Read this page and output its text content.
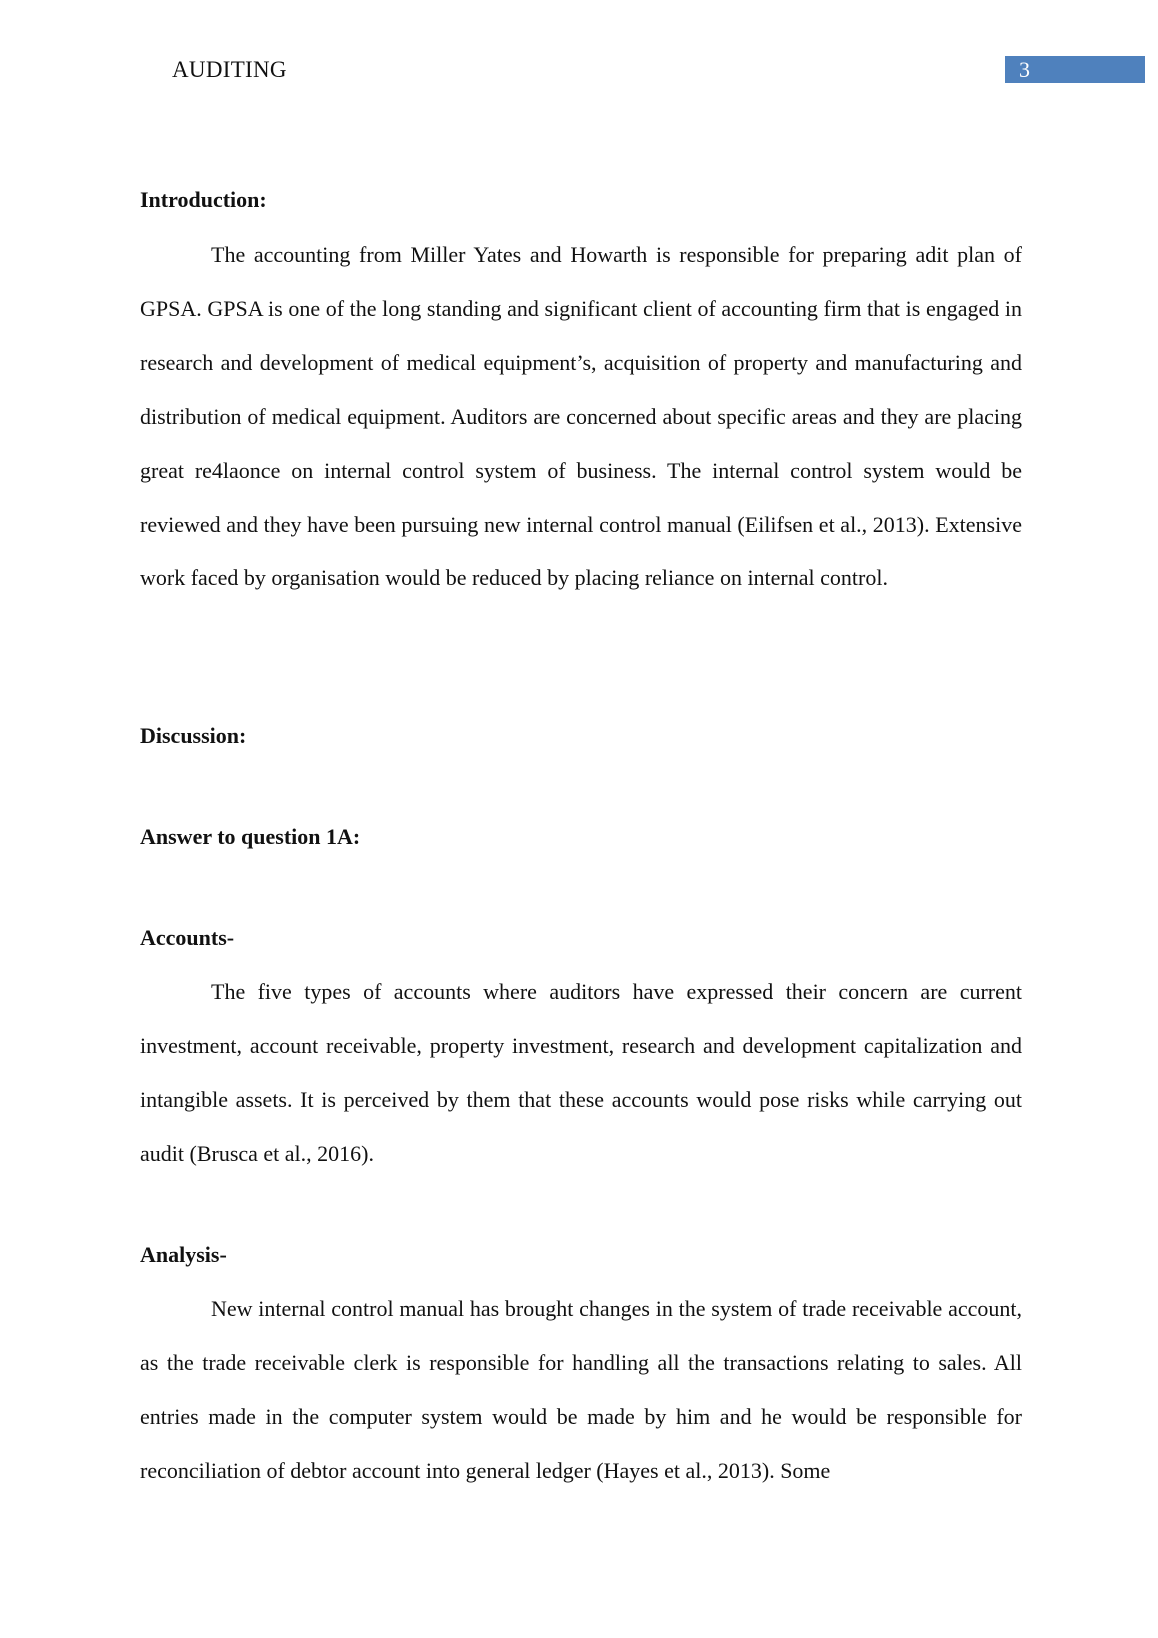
AUDITING	3
Introduction:

The accounting from Miller Yates and Howarth is responsible for preparing adit plan of GPSA. GPSA is one of the long standing and significant client of accounting firm that is engaged in research and development of medical equipment’s, acquisition of property and manufacturing and distribution of medical equipment. Auditors are concerned about specific areas and they are placing great re4laonce on internal control system of business. The internal control system would be reviewed and they have been pursuing new internal control manual (Eilifsen et al., 2013). Extensive work faced by organisation would be reduced by placing reliance on internal control.

Discussion:
Answer to question 1A:
Accounts-

The five types of accounts where auditors have expressed their concern are current investment, account receivable, property investment, research and development capitalization and intangible assets. It is perceived by them that these accounts would pose risks while carrying out audit (Brusca et al., 2016).

Analysis-

New internal control manual has brought changes in the system of trade receivable account, as the trade receivable clerk is responsible for handling all the transactions relating to sales. All entries made in the computer system would be made by him and he would be responsible for reconciliation of debtor account into general ledger (Hayes et al., 2013). Some
